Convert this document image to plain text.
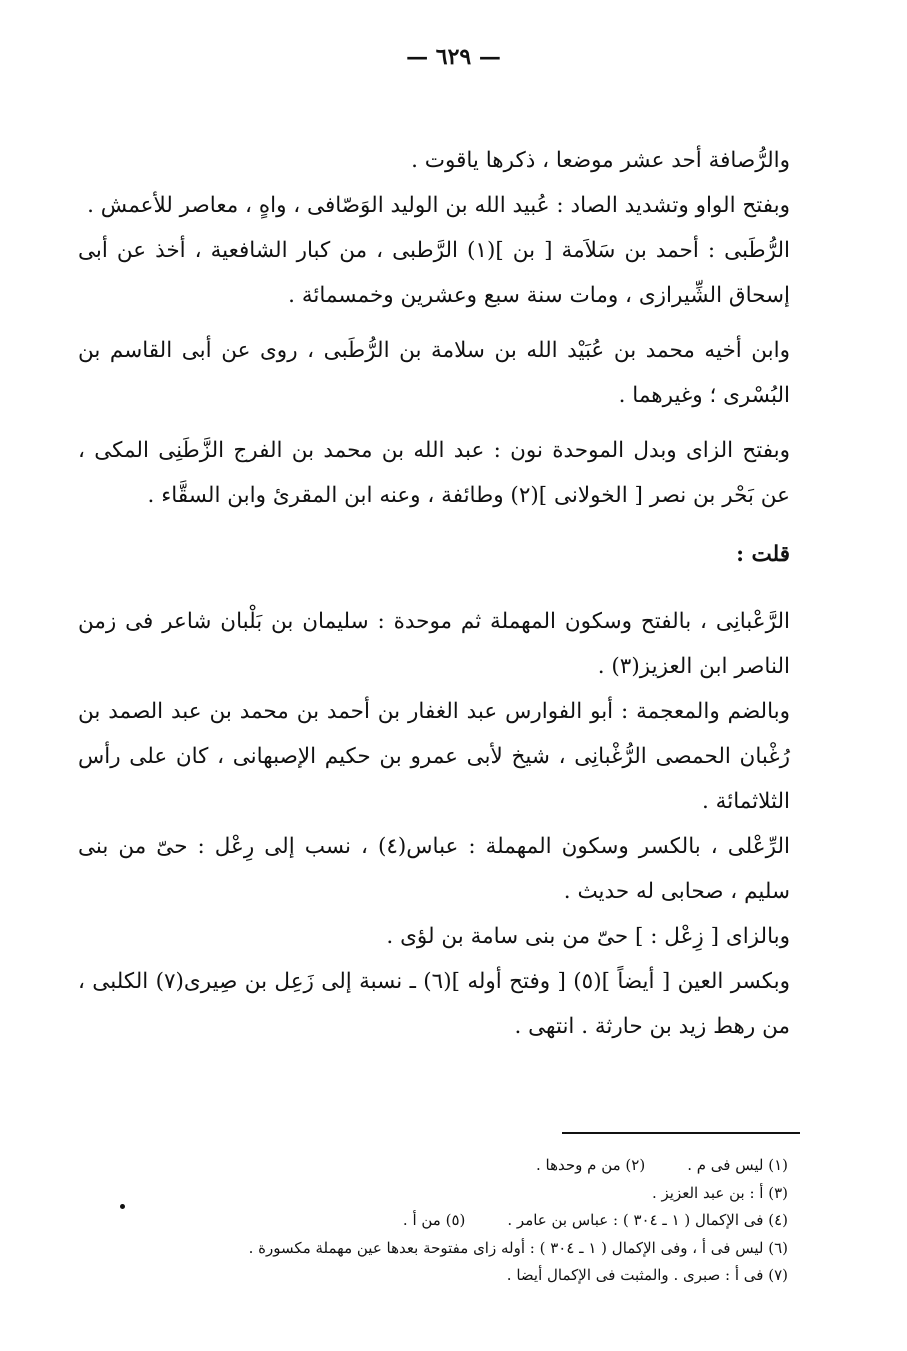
— ٦٢٩ —

والرُّصافة أحد عشر موضعا ، ذكرها ياقوت .

وبفتح الواو وتشديد الصاد : عُبيد الله بن الوليد الوَصّافى ، واهٍ ، معاصر للأعمش .

الرُّطَبى : أحمد بن سَلاَمة [ بن ](١) الرَّطبى ، من كبار الشافعية ، أخذ عن أبى إسحاق الشِّيرازى ، ومات سنة سبع وعشرين وخمسمائة .

وابن أخيه محمد بن عُبَيْد الله بن سلامة بن الرُّطَبى ، روى عن أبى القاسم بن البُسْرى ؛ وغيرهما .

وبفتح الزاى وبدل الموحدة نون : عبد الله بن محمد بن الفرج الزَّطَنِى المكى ، عن بَحْر بن نصر [ الخولانى ](٢) وطائفة ، وعنه ابن المقرئ وابن السقَّاء .

قلت :

الرَّعْبانِى ، بالفتح وسكون المهملة ثم موحدة : سليمان بن بَلْبان شاعر فى زمن الناصر ابن العزيز(٣) .

وبالضم والمعجمة : أبو الفوارس عبد الغفار بن أحمد بن محمد بن عبد الصمد بن رُغْبان الحمصى الرُّغْبانِى ، شيخ لأبى عمرو بن حكيم الإصبهانى ، كان على رأس الثلاثمائة .

الرِّعْلى ، بالكسر وسكون المهملة : عباس(٤) ، نسب إلى رِعْل : حىّ من بنى سليم ، صحابى له حديث .

وبالزاى [ زِعْل : ] حىّ من بنى سامة بن لؤى .

وبكسر العين [ أيضاً ](٥) [ وفتح أوله ](٦) ـ نسبة إلى زَعِل بن صِيرى(٧) الكلبى ، من رهط زيد بن حارثة . انتهى .

(١) ليس فى م .(٢) من م وحدها .

(٣) أ : بن عبد العزيز .

(٤) فى الإكمال ( ١ ـ ٣٠٤ ) : عباس بن عامر .(٥) من أ .

(٦) ليس فى أ ، وفى الإكمال ( ١ ـ ٣٠٤ ) : أوله زاى مفتوحة بعدها عين مهملة مكسورة .

(٧) فى أ : صبرى . والمثبت فى الإكمال أيضا .
